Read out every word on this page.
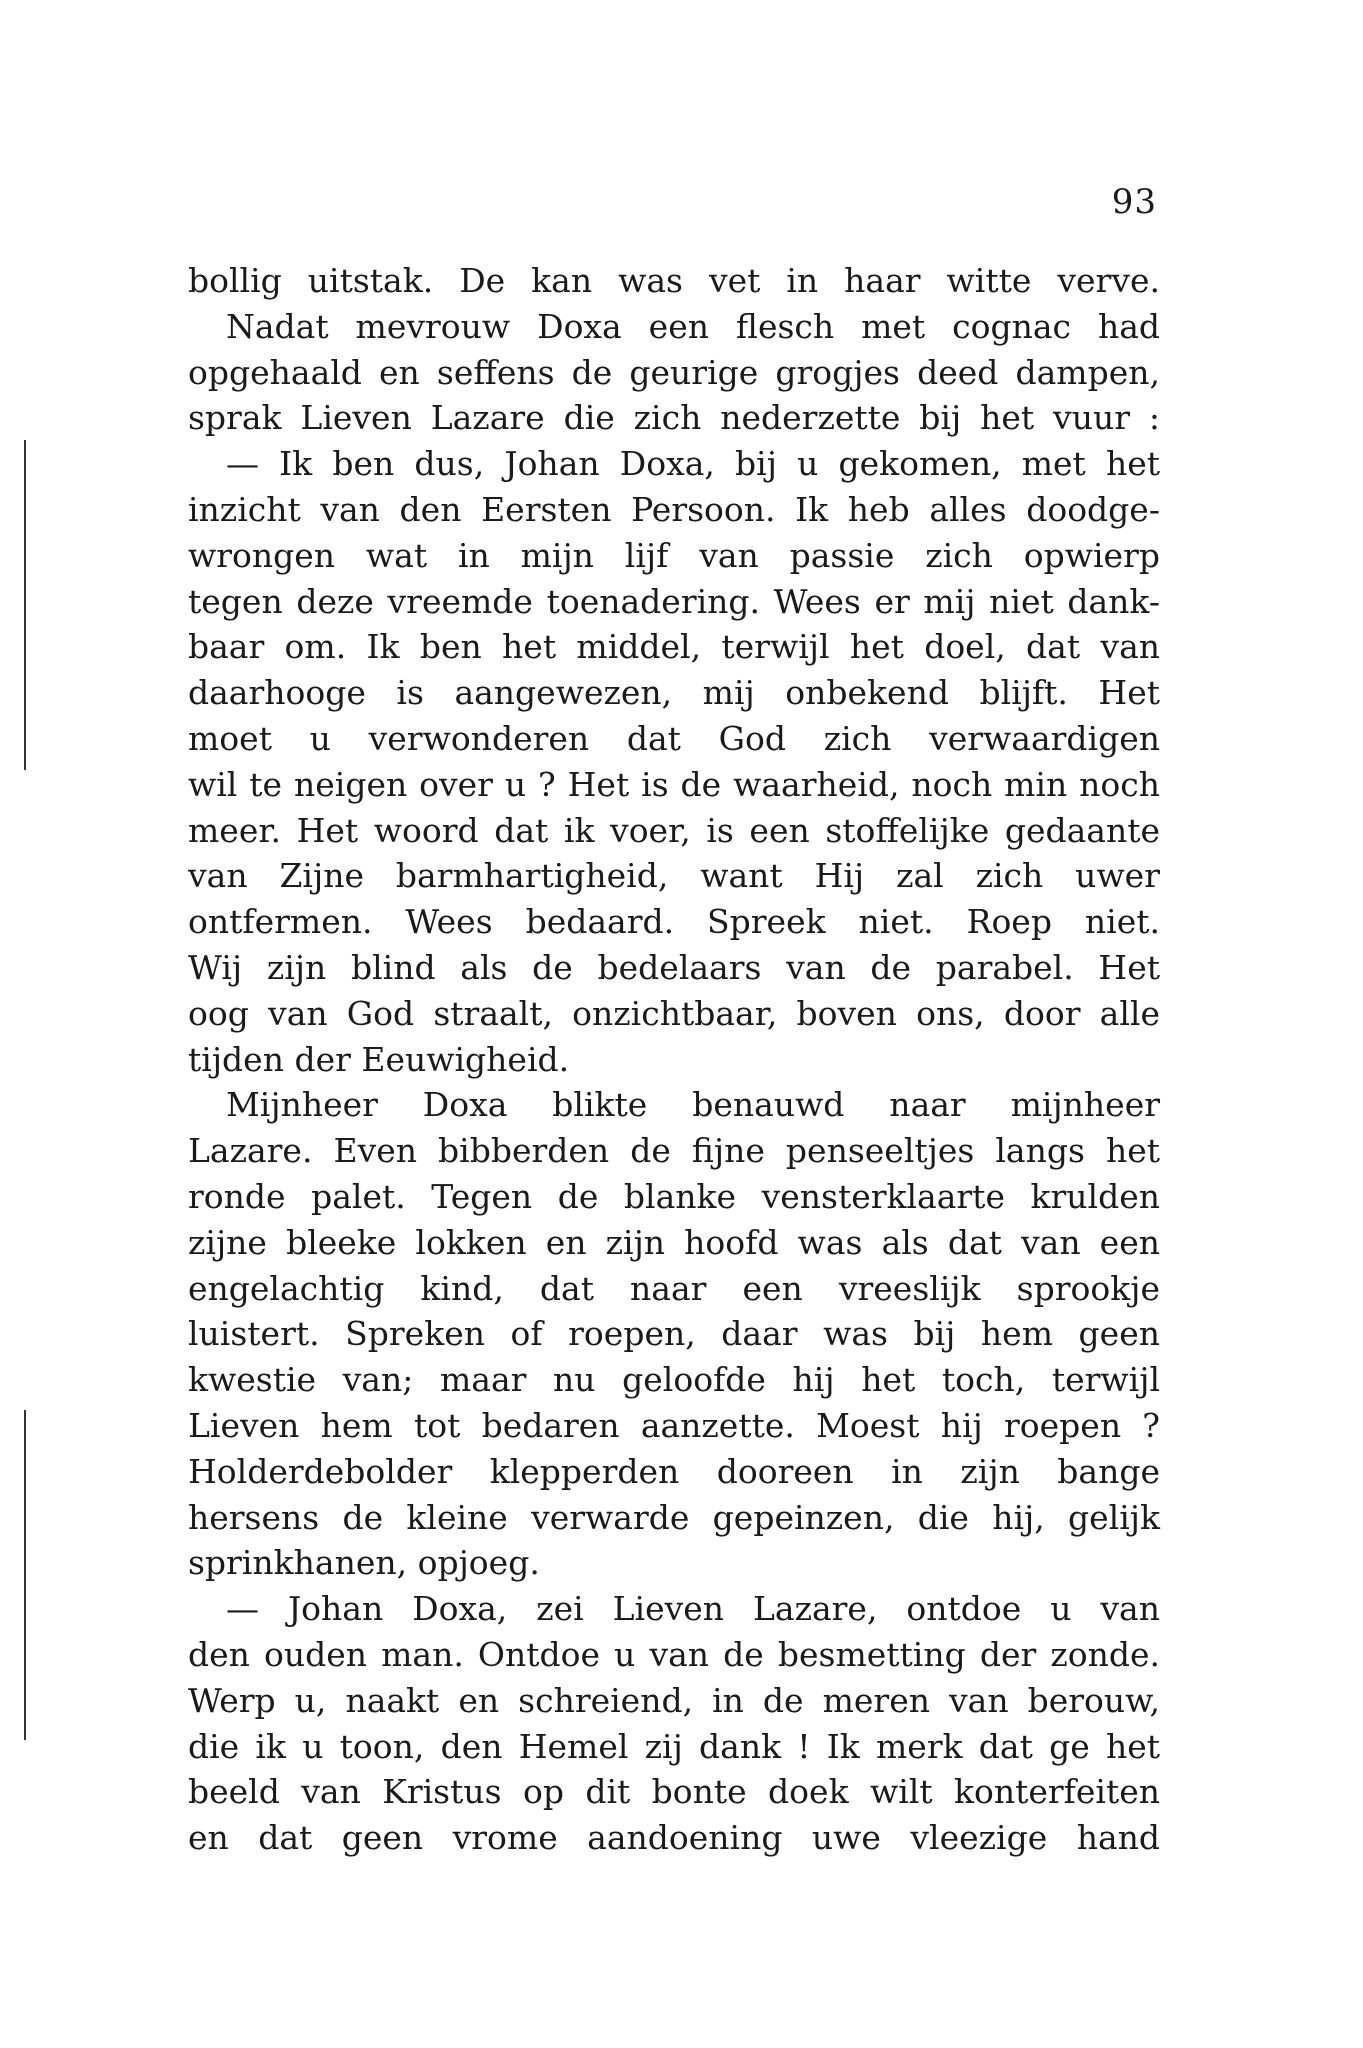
93
bollig uitstak. De kan was vet in haar witte verve.
Nadat mevrouw Doxa een flesch met cognac had
opgehaald en seffens de geurige grogjes deed dampen,
sprak Lieven Lazare die zich nederzette bij het vuur :
— Ik ben dus, Johan Doxa, bij u gekomen, met het
inzicht van den Eersten Persoon. Ik heb alles doodge-
wrongen wat in mijn lijf van passie zich opwierp
tegen deze vreemde toenadering. Wees er mij niet dank-
baar om. Ik ben het middel, terwijl het doel, dat van
daarhooge is aangewezen, mij onbekend blijft. Het
moet u verwonderen dat God zich verwaardigen
wil te neigen over u ? Het is de waarheid, noch min noch
meer. Het woord dat ik voer, is een stoffelijke gedaante
van Zijne barmhartigheid, want Hij zal zich uwer
ontfermen. Wees bedaard. Spreek niet. Roep niet.
Wij zijn blind als de bedelaars van de parabel. Het
oog van God straalt, onzichtbaar, boven ons, door alle
tijden der Eeuwigheid.
Mijnheer Doxa blikte benauwd naar mijnheer
Lazare. Even bibberden de fijne penseeltjes langs het
ronde palet. Tegen de blanke vensterklaarte krulden
zijne bleeke lokken en zijn hoofd was als dat van een
engelachtig kind, dat naar een vreeslijk sprookje
luistert. Spreken of roepen, daar was bij hem geen
kwestie van; maar nu geloofde hij het toch, terwijl
Lieven hem tot bedaren aanzette. Moest hij roepen ?
Holderdebolder klepperden dooreen in zijn bange
hersens de kleine verwarde gepeinzen, die hij, gelijk
sprinkhanen, opjoeg.
— Johan Doxa, zei Lieven Lazare, ontdoe u van
den ouden man. Ontdoe u van de besmetting der zonde.
Werp u, naakt en schreiend, in de meren van berouw,
die ik u toon, den Hemel zij dank ! Ik merk dat ge het
beeld van Kristus op dit bonte doek wilt konterfeiten
en dat geen vrome aandoening uwe vleezige hand
